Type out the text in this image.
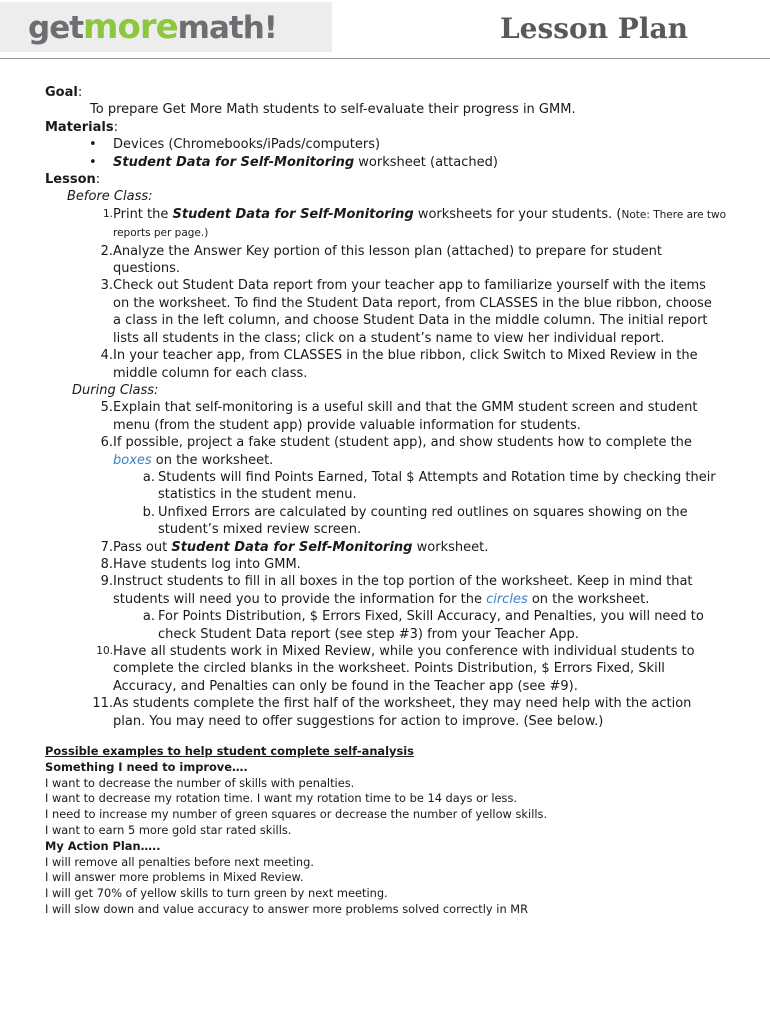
getmoremath!	Lesson Plan
Goal:
To prepare Get More Math students to self-evaluate their progress in GMM.
Materials:
• Devices (Chromebooks/iPads/computers)
• Student Data for Self-Monitoring worksheet (attached)
Lesson:
Before Class:
1. Print the Student Data for Self-Monitoring worksheets for your students. (Note: There are two
reports per page.)
2. Analyze the Answer Key portion of this lesson plan (attached) to prepare for student
questions.
3. Check out Student Data report from your teacher app to familiarize yourself with the items
on the worksheet. To find the Student Data report, from CLASSES in the blue ribbon, choose
a class in the left column, and choose Student Data in the middle column. The initial report
lists all students in the class; click on a student’s name to view her individual report.
4. In your teacher app, from CLASSES in the blue ribbon, click Switch to Mixed Review in the
middle column for each class.
During Class:
5. Explain that self-monitoring is a useful skill and that the GMM student screen and student
menu (from the student app) provide valuable information for students.
6. If possible, project a fake student (student app), and show students how to complete the
boxes on the worksheet.
a. Students will find Points Earned, Total $ Attempts and Rotation time by checking their
statistics in the student menu.
b. Unfixed Errors are calculated by counting red outlines on squares showing on the
student’s mixed review screen.
7. Pass out Student Data for Self-Monitoring worksheet.
8. Have students log into GMM.
9. Instruct students to fill in all boxes in the top portion of the worksheet. Keep in mind that
students will need you to provide the information for the circles on the worksheet.
a. For Points Distribution, $ Errors Fixed, Skill Accuracy, and Penalties, you will need to
check Student Data report (see step #3) from your Teacher App.
10. Have all students work in Mixed Review, while you conference with individual students to
complete the circled blanks in the worksheet. Points Distribution, $ Errors Fixed, Skill
Accuracy, and Penalties can only be found in the Teacher app (see #9).
11. As students complete the first half of the worksheet, they may need help with the action
plan. You may need to offer suggestions for action to improve. (See below.)
Possible examples to help student complete self-analysis
Something I need to improve….
I want to decrease the number of skills with penalties.
I want to decrease my rotation time. I want my rotation time to be 14 days or less.
I need to increase my number of green squares or decrease the number of yellow skills.
I want to earn 5 more gold star rated skills.
My Action Plan…..
I will remove all penalties before next meeting.
I will answer more problems in Mixed Review.
I will get 70% of yellow skills to turn green by next meeting.
I will slow down and value accuracy to answer more problems solved correctly in MR
